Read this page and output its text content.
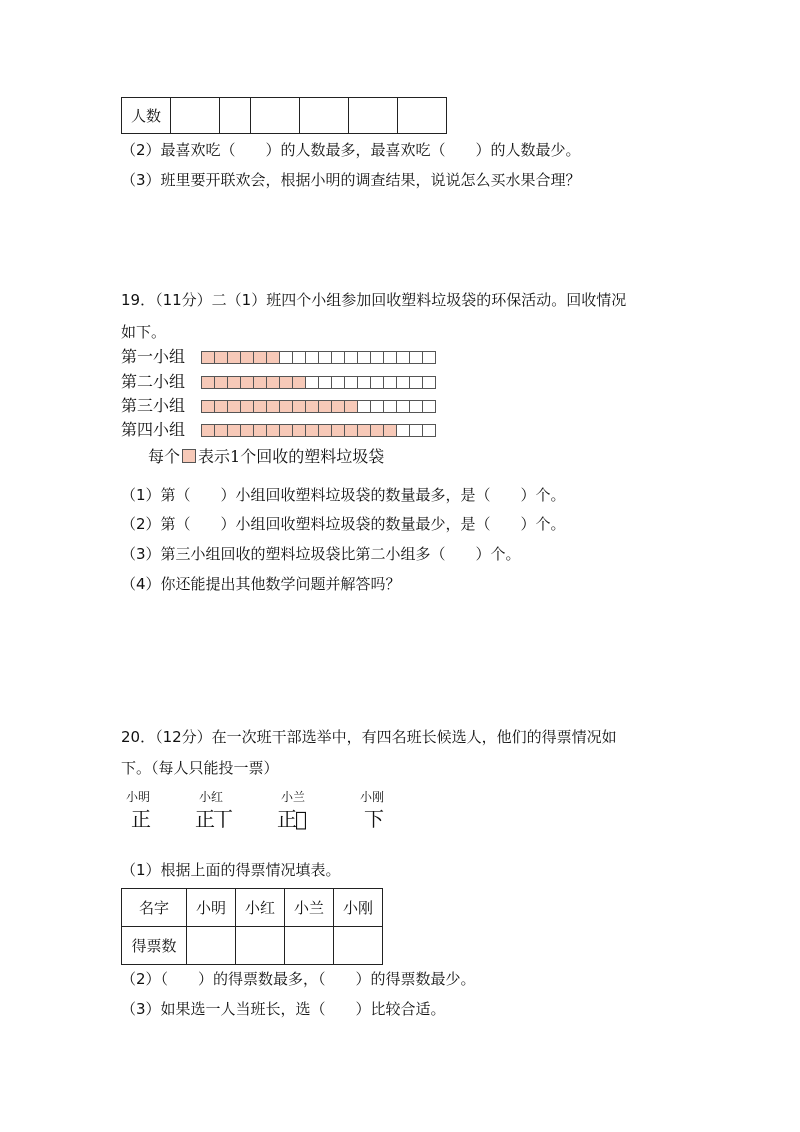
人数						
（2）最喜欢吃（　　）的人数最多，最喜欢吃（　　）的人数最少。
（3）班里要开联欢会，根据小明的调查结果，说说怎么买水果合理？
19．（11分）二（1）班四个小组参加回收塑料垃圾袋的环保活动。回收情况
如下。
第一小组
第二小组
第三小组
第四小组
每个 表示1个回收的塑料垃圾袋
（1）第（　　）小组回收塑料垃圾袋的数量最多，是（　　）个。
（2）第（　　）小组回收塑料垃圾袋的数量最少，是（　　）个。
（3）第三小组回收的塑料垃圾袋比第二小组多（　　）个。
（4）你还能提出其他数学问题并解答吗？
20．（12分）在一次班干部选举中，有四名班长候选人，他们的得票情况如
下。（每人只能投一票）
小明
正
小红
正丅
小兰
正𠂡
小刚
下
（1）根据上面的得票情况填表。
名字	小明	小红	小兰	小刚
得票数				
（2）（　　）的得票数最多，（　　）的得票数最少。
（3）如果选一人当班长，选（　　）比较合适。
